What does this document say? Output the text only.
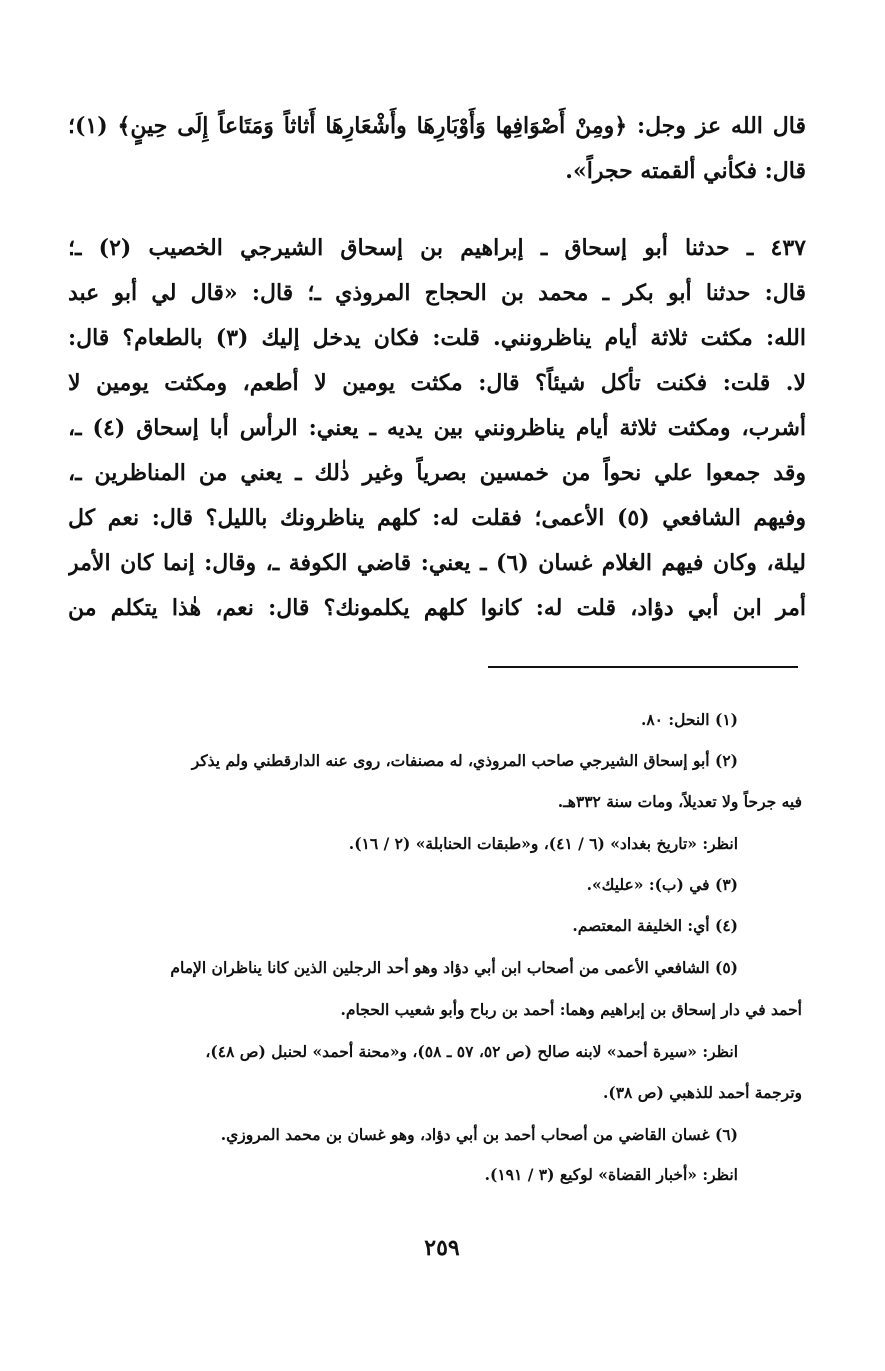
قال الله عز وجل: ﴿ومِنْ أَصْوَافِها وَأَوْبَارِهَا وأَشْعَارِهَا أَثاثاً وَمَتَاعاً إِلَى حِينٍ﴾ (١)؛
قال: فكأني ألقمته حجراً».
٤٣٧ ـ حدثنا أبو إسحاق ـ إبراهيم بن إسحاق الشيرجي الخصيب (٢) ـ؛
قال: حدثنا أبو بكر ـ محمد بن الحجاج المروذي ـ؛ قال: «قال لي أبو عبد
الله: مكثت ثلاثة أيام يناظرونني. قلت: فكان يدخل إليك (٣) بالطعام؟ قال:
لا. قلت: فكنت تأكل شيئاً؟ قال: مكثت يومين لا أطعم، ومكثت يومين لا
أشرب، ومكثت ثلاثة أيام يناظرونني بين يديه ـ يعني: الرأس أبا إسحاق (٤) ـ،
وقد جمعوا علي نحواً من خمسين بصرياً وغير ذٰلك ـ يعني من المناظرين ـ،
وفيهم الشافعي (٥) الأعمى؛ فقلت له: كلهم يناظرونك بالليل؟ قال: نعم كل
ليلة، وكان فيهم الغلام غسان (٦) ـ يعني: قاضي الكوفة ـ، وقال: إنما كان الأمر
أمر ابن أبي دؤاد، قلت له: كانوا كلهم يكلمونك؟ قال: نعم، هٰذا يتكلم من
(١) النحل: ٨٠.
(٢) أبو إسحاق الشيرجي صاحب المروذي، له مصنفات، روى عنه الدارقطني ولم يذكر
فيه جرحاً ولا تعديلاً، ومات سنة ٣٣٢هـ.
انظر: «تاريخ بغداد» (٦ / ٤١)، و«طبقات الحنابلة» (٢ / ١٦).
(٣) في (ب): «عليك».
(٤) أي: الخليفة المعتصم.
(٥) الشافعي الأعمى من أصحاب ابن أبي دؤاد وهو أحد الرجلين الذين كانا يناظران الإمام
أحمد في دار إسحاق بن إبراهيم وهما: أحمد بن رباح وأبو شعيب الحجام.
انظر: «سيرة أحمد» لابنه صالح (ص ٥٢، ٥٧ ـ ٥٨)، و«محنة أحمد» لحنبل (ص ٤٨)،
وترجمة أحمد للذهبي (ص ٣٨).
(٦) غسان القاضي من أصحاب أحمد بن أبي دؤاد، وهو غسان بن محمد المروزي.
انظر: «أخبار القضاة» لوكيع (٣ / ١٩١).
٢٥٩
